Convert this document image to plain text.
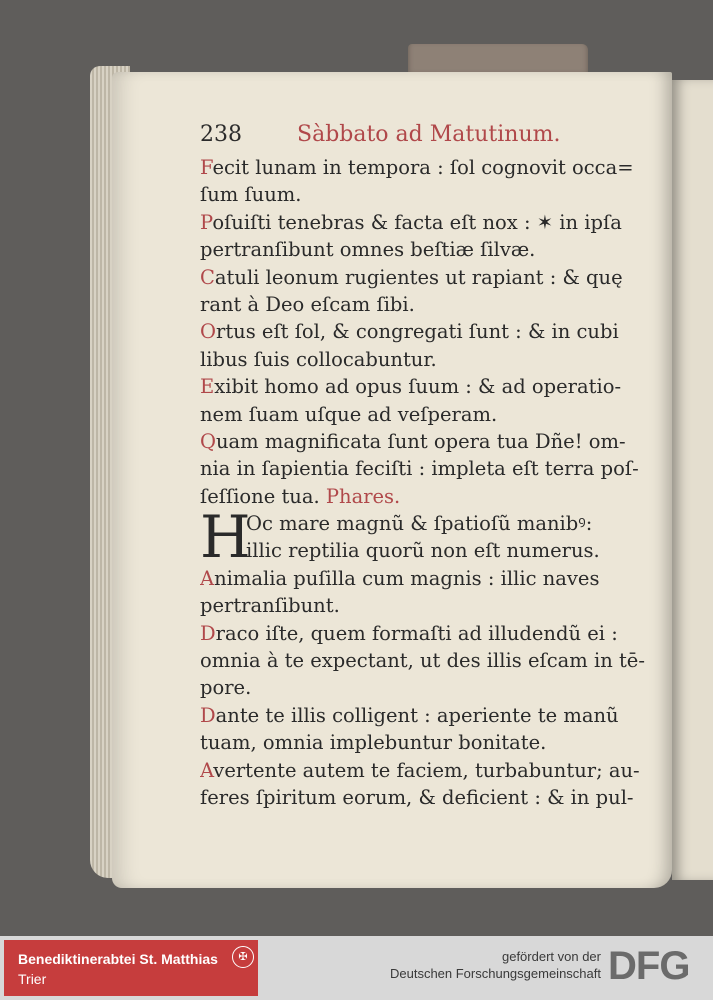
238	Sàbbato ad Matutinum.
Fecit lunam in tempora : ſol cognovit occa=
ſum ſuum.
Poſuiſti tenebras & facta eſt nox : ✶ in ipſa
pertranſibunt omnes beſtiæ ſilvæ.
Catuli leonum rugientes ut rapiant : & quę
rant à Deo eſcam ſibi.
Ortus eſt ſol, & congregati ſunt : & in cubi
libus ſuis collocabuntur.
Exibit homo ad opus ſuum : & ad operatio-
nem ſuam uſque ad veſperam.
Quam magnificata ſunt opera tua Dñe! om-
nia in ſapientia feciſti : impleta eſt terra poſ-
ſeſſione tua. Phares.
H
Oc mare magnũ & ſpatioſũ manibꝰ:
illic reptilia quorũ non eſt numerus.
Animalia puſilla cum magnis : illic naves
pertranſibunt.
Draco iſte, quem formaſti ad illudendũ ei :
omnia à te expectant, ut des illis eſcam in tē-
pore.
Dante te illis colligent : aperiente te manũ
tuam, omnia implebuntur bonitate.
Avertente autem te faciem, turbabuntur; au-
feres ſpiritum eorum, & deficient : & in pul-
Benediktinerabtei St. Matthias
Trier
✠	gefördert von der
Deutschen Forschungsgemeinschaft DFG
